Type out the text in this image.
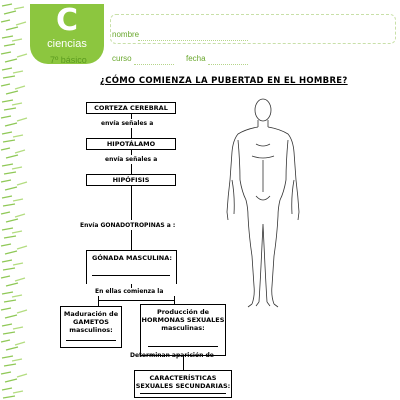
C
ciencias
7º básico
nombre
curso	fecha
¿CÓMO COMIENZA LA PUBERTAD EN EL HOMBRE?
CORTEZA CEREBRAL
envía señales a
HIPOTÁLAMO
envía señales a
HIPÓFISIS
Envía GONADOTROPINAS a :
GÓNADA MASCULINA:
En ellas comienza la
Maduración de GAMETOS masculinos:
Producción de HORMONAS SEXUALES masculinas:
Determinan aparición de
CARACTERÍSTICAS SEXUALES SECUNDARIAS:
